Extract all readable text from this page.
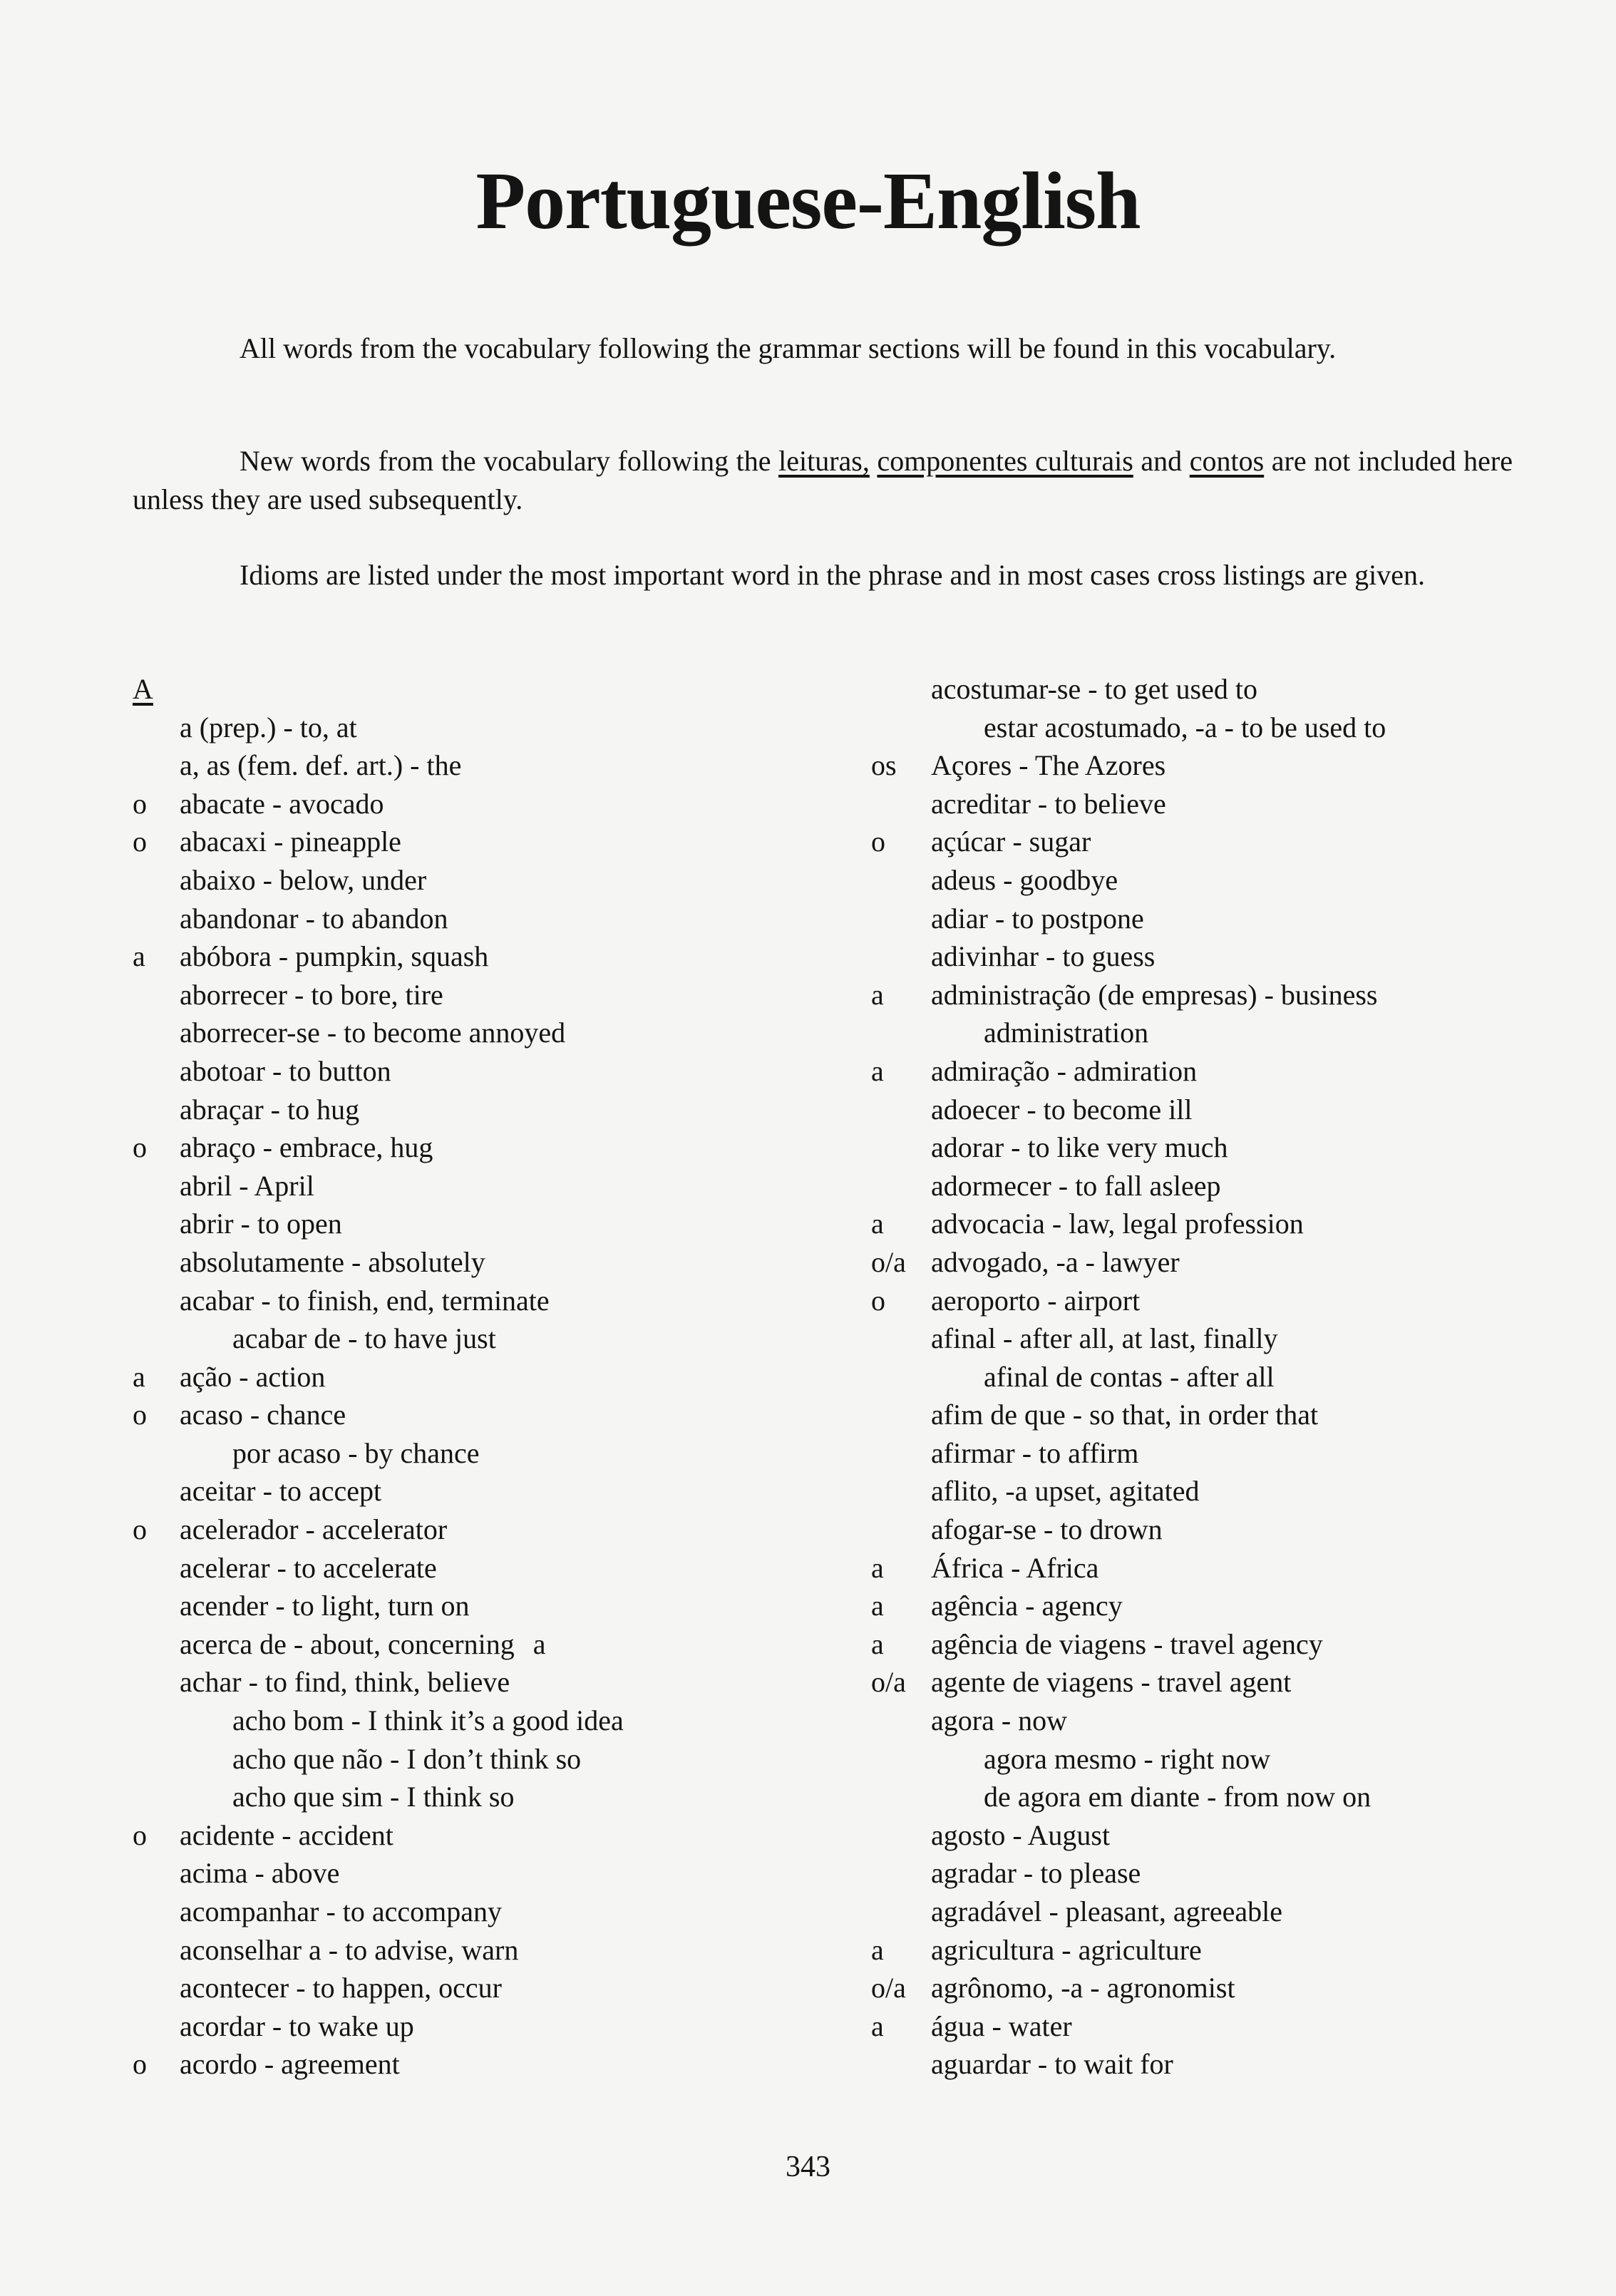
Portuguese-English
All words from the vocabulary following the grammar sections will be found in this vocabulary.
New words from the vocabulary following the leituras, componentes culturais and contos are not included here unless they are used subsequently.
Idioms are listed under the most important word in the phrase and in most cases cross listings are given.
A
a (prep.) - to, at
a, as (fem. def. art.) - the
o abacate - avocado
o abacaxi - pineapple
abaixo - below, under
abandonar - to abandon
a abóbora - pumpkin, squash
aborrecer - to bore, tire
aborrecer-se - to become annoyed
abotoar - to button
abraçar - to hug
o abraço - embrace, hug
abril - April
abrir - to open
absolutamente - absolutely
acabar - to finish, end, terminate
acabar de - to have just
a ação - action
o acaso - chance
por acaso - by chance
aceitar - to accept
o acelerador - accelerator
acelerar - to accelerate
acender - to light, turn on
acerca de - about, concerning a
achar - to find, think, believe
acho bom - I think it’s a good idea
acho que não - I don’t think so
acho que sim - I think so
o acidente - accident
acima - above
acompanhar - to accompany
aconselhar a - to advise, warn
acontecer - to happen, occur
acordar - to wake up
o acordo - agreement
acostumar-se - to get used to
estar acostumado, -a - to be used to
os Açores - The Azores
acreditar - to believe
o açúcar - sugar
adeus - goodbye
adiar - to postpone
adivinhar - to guess
a administração (de empresas) - business
administration
a admiração - admiration
adoecer - to become ill
adorar - to like very much
adormecer - to fall asleep
a advocacia - law, legal profession
o/a advogado, -a - lawyer
o aeroporto - airport
afinal - after all, at last, finally
afinal de contas - after all
afim de que - so that, in order that
afirmar - to affirm
aflito, -a upset, agitated
afogar-se - to drown
a África - Africa
a agência - agency
a agência de viagens - travel agency
o/a agente de viagens - travel agent
agora - now
agora mesmo - right now
de agora em diante - from now on
agosto - August
agradar - to please
agradável - pleasant, agreeable
a agricultura - agriculture
o/a agrônomo, -a - agronomist
a água - water
aguardar - to wait for
343
